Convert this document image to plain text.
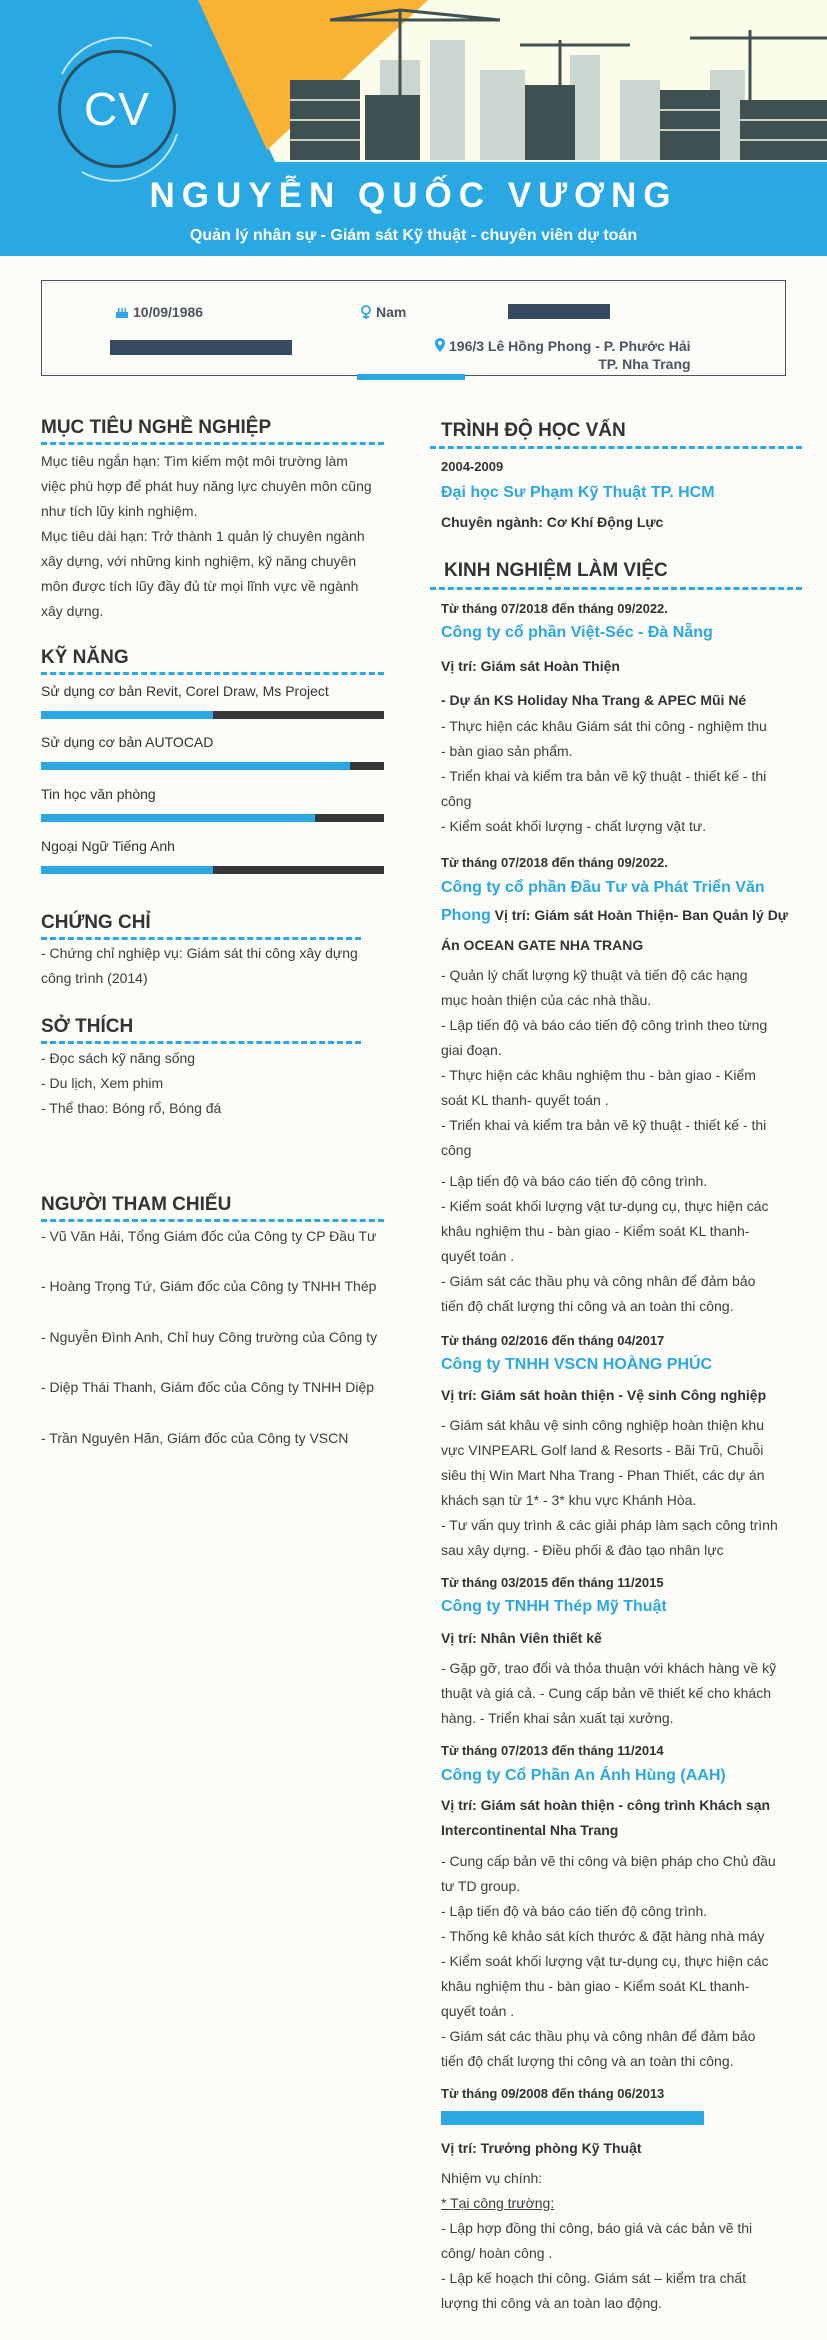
CV
NGUYỄN QUỐC VƯƠNG
Quản lý nhân sự - Giám sát Kỹ thuật - chuyên viên dự toán
10/09/1986	Nam
196/3 Lê Hồng Phong - P. Phước Hải
TP. Nha Trang
MỤC TIÊU NGHỀ NGHIỆP
Mục tiêu ngắn hạn: Tìm kiếm một môi trường làm
việc phù hợp để phát huy năng lực chuyên môn cũng
như tích lũy kinh nghiệm.
Mục tiêu dài hạn: Trở thành 1 quản lý chuyên ngành
xây dựng, với những kinh nghiệm, kỹ năng chuyên
môn được tích lũy đầy đủ từ mọi lĩnh vực về ngành
xây dựng.
KỸ NĂNG
Sử dụng cơ bản Revit, Corel Draw, Ms Project
Sử dụng cơ bản AUTOCAD
Tin học văn phòng
Ngoại Ngữ Tiếng Anh
CHỨNG CHỈ
- Chứng chỉ nghiệp vụ: Giám sát thi công xây dựng
công trình (2014)
SỞ THÍCH
- Đọc sách kỹ năng sống
- Du lịch, Xem phim
- Thể thao: Bóng rổ, Bóng đá
NGƯỜI THAM CHIẾU
- Vũ Văn Hải, Tổng Giám đốc của Công ty CP Đầu Tư
- Hoàng Trọng Tứ, Giám đốc của Công ty TNHH Thép
- Nguyễn Đình Anh, Chỉ huy Công trường của Công ty
- Diệp Thái Thanh, Giám đốc của Công ty TNHH Diệp
- Trần Nguyên Hãn, Giám đốc của Công ty VSCN
TRÌNH ĐỘ HỌC VẤN
2004-2009
Đại học Sư Phạm Kỹ Thuật TP. HCM
Chuyên ngành: Cơ Khí Động Lực
KINH NGHIỆM LÀM VIỆC
Từ tháng 07/2018 đến tháng 09/2022.
Công ty cổ phần Việt-Séc - Đà Nẵng
Vị trí: Giám sát Hoàn Thiện
- Dự án KS Holiday Nha Trang & APEC Mũi Né
- Thực hiện các khâu Giám sát thi công - nghiệm thu
- bàn giao sản phẩm.
- Triển khai và kiểm tra bản vẽ kỹ thuật - thiết kế - thi
công
- Kiểm soát khối lượng - chất lượng vật tư.
Từ tháng 07/2018 đến tháng 09/2022.
Công ty cổ phần Đầu Tư và Phát Triển Văn
Phong Vị trí: Giám sát Hoàn Thiện- Ban Quản lý Dự
Án OCEAN GATE NHA TRANG
- Quản lý chất lượng kỹ thuật và tiến độ các hạng
mục hoàn thiện của các nhà thầu.
- Lập tiến độ và báo cáo tiến độ công trình theo từng
giai đoạn.
- Thực hiện các khâu nghiệm thu - bàn giao - Kiểm
soát KL thanh- quyết toán .
- Triển khai và kiểm tra bản vẽ kỹ thuật - thiết kế - thi
công
- Lập tiến độ và báo cáo tiến độ công trình.
- Kiểm soát khối lượng vật tư-dụng cụ, thực hiện các
khâu nghiệm thu - bàn giao - Kiểm soát KL thanh-
quyết toán .
- Giám sát các thầu phụ và công nhân để đảm bảo
tiến độ chất lượng thi công và an toàn thi công.
Từ tháng 02/2016 đến tháng 04/2017
Công ty TNHH VSCN HOÀNG PHÚC
Vị trí: Giám sát hoàn thiện - Vệ sinh Công nghiệp
- Giám sát khâu vệ sinh công nghiệp hoàn thiện khu
vực VINPEARL Golf land & Resorts - Bãi Trũ, Chuỗi
siêu thị Win Mart Nha Trang - Phan Thiết, các dự án
khách sạn từ 1* - 3* khu vực Khánh Hòa.
- Tư vấn quy trình & các giải pháp làm sạch công trình
sau xây dựng. - Điều phối & đào tạo nhân lực
Từ tháng 03/2015 đến tháng 11/2015
Công ty TNHH Thép Mỹ Thuật
Vị trí: Nhân Viên thiết kế
- Gặp gỡ, trao đổi và thỏa thuận với khách hàng về kỹ
thuật và giá cả. - Cung cấp bản vẽ thiết kế cho khách
hàng. - Triển khai sản xuất tại xưởng.
Từ tháng 07/2013 đến tháng 11/2014
Công ty Cổ Phần An Ánh Hùng (AAH)
Vị trí: Giám sát hoàn thiện - công trình Khách sạn
Intercontinental Nha Trang
- Cung cấp bản vẽ thi công và biện pháp cho Chủ đầu
tư TD group.
- Lập tiến độ và báo cáo tiến độ công trình.
- Thống kê khảo sát kích thước & đặt hàng nhà máy
- Kiểm soát khối lượng vật tư-dụng cụ, thực hiện các
khâu nghiệm thu - bàn giao - Kiểm soát KL thanh-
quyết toán .
- Giám sát các thầu phụ và công nhân để đảm bảo
tiến độ chất lượng thi công và an toàn thi công.
Từ tháng 09/2008 đến tháng 06/2013
Vị trí: Trưởng phòng Kỹ Thuật
Nhiệm vụ chính:
* Tại công trường:
- Lập hợp đồng thi công, báo giá và các bản vẽ thi
công/ hoàn công .
- Lập kế hoạch thi công. Giám sát – kiểm tra chất
lượng thi công và an toàn lao động.
